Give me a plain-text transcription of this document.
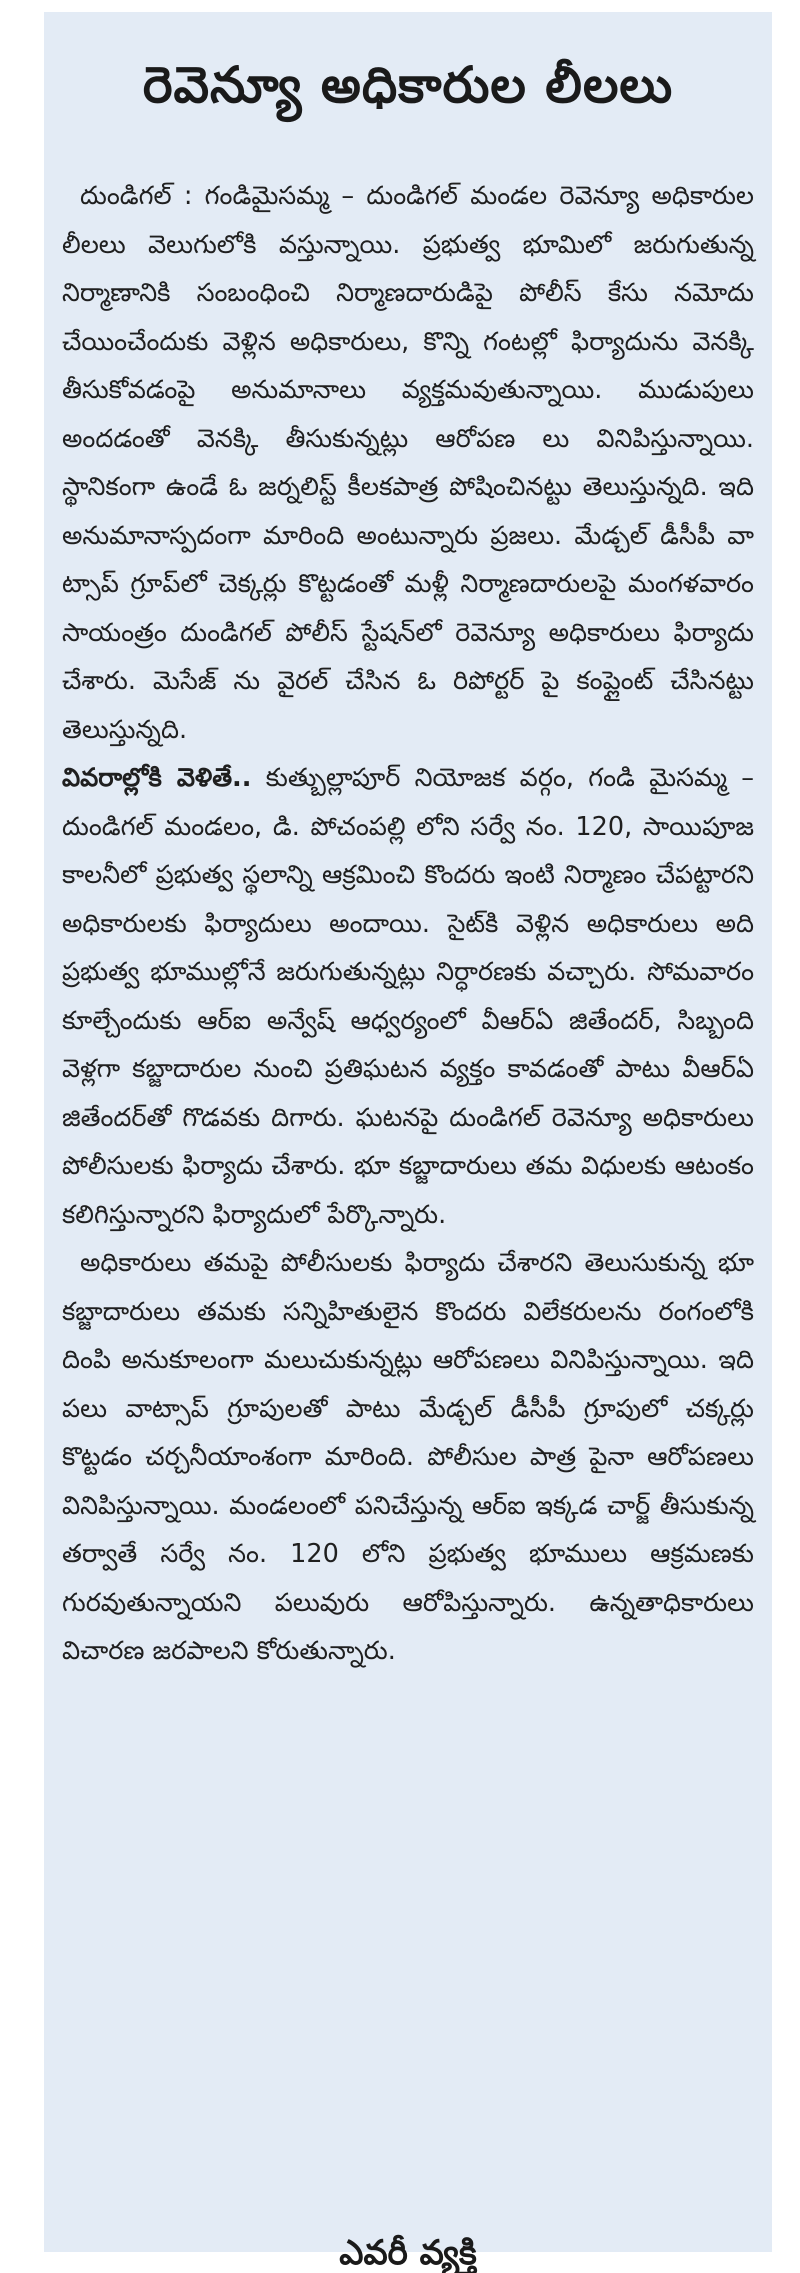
రెవెన్యూ అధికారుల లీలలు

దుండిగల్ : గండిమైసమ్మ – దుండిగల్ మండల రెవెన్యూ అధికారుల లీలలు వెలుగులోకి వస్తున్నాయి. ప్రభుత్వ భూమిలో జరుగుతున్న నిర్మాణానికి సంబంధించి నిర్మాణదారుడిపై పోలీస్ కేసు నమోదు చేయించేందుకు వెళ్లిన అధికారులు, కొన్ని గంటల్లో ఫిర్యాదును వెనక్కి తీసుకోవడంపై అనుమానాలు వ్యక్తమవుతున్నాయి. ముడుపులు అందడంతో వెనక్కి తీసుకున్నట్లు ఆరోపణ లు వినిపిస్తున్నాయి. స్థానికంగా ఉండే ఓ జర్నలిస్ట్ కీలకపాత్ర పోషించినట్టు తెలుస్తున్నది. ఇది అనుమానాస్పదంగా మారింది అంటున్నారు ప్రజలు. మేడ్చల్ డీసీపీ వా ట్సాప్ గ్రూప్‌లో చెక్కర్లు కొట్టడంతో మళ్లీ నిర్మాణదారులపై మంగళవారం సాయంత్రం దుండిగల్ పోలీస్ స్టేషన్‌లో రెవెన్యూ అధికారులు ఫిర్యాదు చేశారు. మెసేజ్ ను వైరల్ చేసిన ఓ రిపోర్టర్ పై కంప్లైంట్ చేసినట్టు తెలుస్తున్నది.

వివరాల్లోకి వెళితే.. కుత్బుల్లాపూర్ నియోజక వర్గం, గండి మైసమ్మ – దుండిగల్ మండలం, డి. పోచంపల్లి లోని సర్వే నం. 120, సాయిపూజ కాలనీలో ప్రభుత్వ స్థలాన్ని ఆక్రమించి కొందరు ఇంటి నిర్మాణం చేపట్టారని అధికారులకు ఫిర్యాదులు అందాయి. సైట్‌కి వెళ్లిన అధికారులు అది ప్రభుత్వ భూముల్లోనే జరుగుతున్నట్లు నిర్ధారణకు వచ్చారు. సోమవారం కూల్చేందుకు ఆర్ఐ అన్వేష్ ఆధ్వర్యంలో వీఆర్ఏ జితేందర్, సిబ్బంది వెళ్లగా కబ్జాదారుల నుంచి ప్రతిఘటన వ్యక్తం కావడంతో పాటు వీఆర్ఏ జితేందర్‌తో గొడవకు దిగారు. ఘటనపై దుండిగల్ రెవెన్యూ అధికారులు పోలీసులకు ఫిర్యాదు చేశారు. భూ కబ్జాదారులు తమ విధులకు ఆటంకం కలిగిస్తున్నారని ఫిర్యాదులో పేర్కొన్నారు.

అధికారులు తమపై పోలీసులకు ఫిర్యాదు చేశారని తెలుసుకున్న భూ కబ్జాదారులు తమకు సన్నిహితులైన కొందరు విలేకరులను రంగంలోకి దింపి అనుకూలంగా మలుచుకున్నట్లు ఆరోపణలు వినిపిస్తున్నాయి. ఇది పలు వాట్సాప్ గ్రూపులతో పాటు మేడ్చల్ డీసీపీ గ్రూపులో చక్కర్లు కొట్టడం చర్చనీయాంశంగా మారింది. పోలీసుల పాత్ర పైనా ఆరోపణలు వినిపిస్తున్నాయి. మండలంలో పనిచేస్తున్న ఆర్ఐ ఇక్కడ చార్జ్ తీసుకున్న తర్వాతే సర్వే నం. 120 లోని ప్రభుత్వ భూములు ఆక్రమణకు గురవుతున్నాయని పలువురు ఆరోపిస్తున్నారు. ఉన్నతాధికారులు విచారణ జరపాలని కోరుతున్నారు.

ఎవరీ వ్యక్తి
